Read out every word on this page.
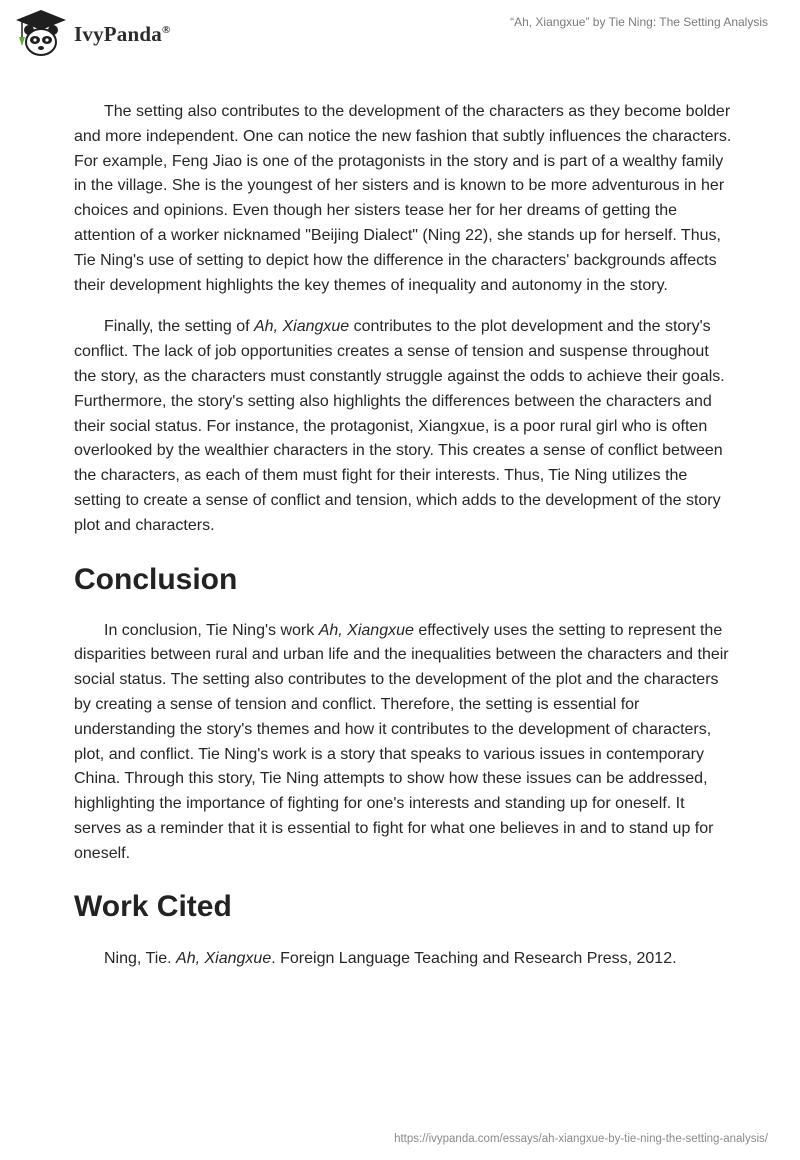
IvyPanda®
“Ah, Xiangxue” by Tie Ning: The Setting Analysis

The setting also contributes to the development of the characters as they become bolder and more independent. One can notice the new fashion that subtly influences the characters. For example, Feng Jiao is one of the protagonists in the story and is part of a wealthy family in the village. She is the youngest of her sisters and is known to be more adventurous in her choices and opinions. Even though her sisters tease her for her dreams of getting the attention of a worker nicknamed "Beijing Dialect" (Ning 22), she stands up for herself. Thus, Tie Ning's use of setting to depict how the difference in the characters' backgrounds affects their development highlights the key themes of inequality and autonomy in the story.

Finally, the setting of Ah, Xiangxue contributes to the plot development and the story's conflict. The lack of job opportunities creates a sense of tension and suspense throughout the story, as the characters must constantly struggle against the odds to achieve their goals. Furthermore, the story's setting also highlights the differences between the characters and their social status. For instance, the protagonist, Xiangxue, is a poor rural girl who is often overlooked by the wealthier characters in the story. This creates a sense of conflict between the characters, as each of them must fight for their interests. Thus, Tie Ning utilizes the setting to create a sense of conflict and tension, which adds to the development of the story plot and characters.

Conclusion

In conclusion, Tie Ning's work Ah, Xiangxue effectively uses the setting to represent the disparities between rural and urban life and the inequalities between the characters and their social status. The setting also contributes to the development of the plot and the characters by creating a sense of tension and conflict. Therefore, the setting is essential for understanding the story's themes and how it contributes to the development of characters, plot, and conflict. Tie Ning's work is a story that speaks to various issues in contemporary China. Through this story, Tie Ning attempts to show how these issues can be addressed, highlighting the importance of fighting for one's interests and standing up for oneself. It serves as a reminder that it is essential to fight for what one believes in and to stand up for oneself.

Work Cited

Ning, Tie. Ah, Xiangxue. Foreign Language Teaching and Research Press, 2012.

https://ivypanda.com/essays/ah-xiangxue-by-tie-ning-the-setting-analysis/
